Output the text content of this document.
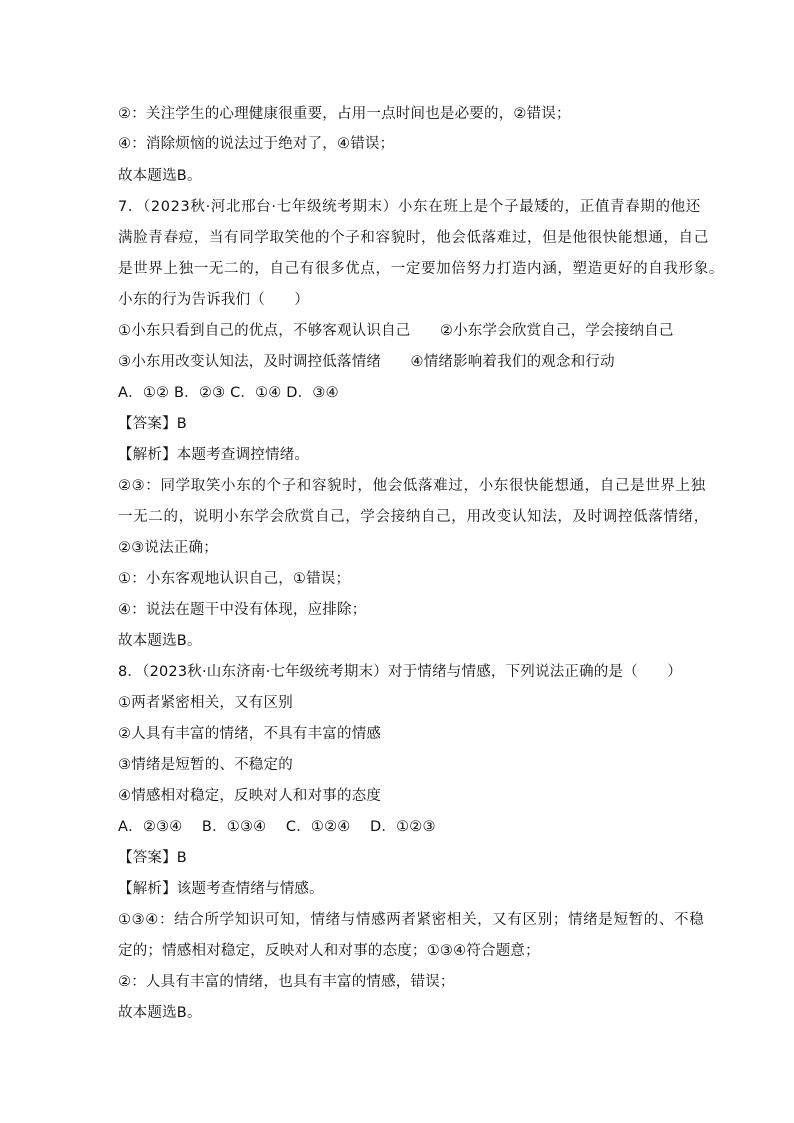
②：关注学生的心理健康很重要，占用一点时间也是必要的，②错误；
④：消除烦恼的说法过于绝对了，④错误；
故本题选B。
7．（2023秋·河北邢台·七年级统考期末）小东在班上是个子最矮的，正值青春期的他还
满脸青春痘，当有同学取笑他的个子和容貌时，他会低落难过，但是他很快能想通，自己
是世界上独一无二的，自己有很多优点，一定要加倍努力打造内涵，塑造更好的自我形象。
小东的行为告诉我们（　　）
①小东只看到自己的优点，不够客观认识自己　　②小东学会欣赏自己，学会接纳自己
③小东用改变认知法，及时调控低落情绪　　④情绪影响着我们的观念和行动
A．①② B．②③ C．①④ D．③④
【答案】B
【解析】本题考查调控情绪。
②③：同学取笑小东的个子和容貌时，他会低落难过，小东很快能想通，自己是世界上独
一无二的，说明小东学会欣赏自己，学会接纳自己，用改变认知法，及时调控低落情绪，
②③说法正确；
①：小东客观地认识自己，①错误；
④：说法在题干中没有体现，应排除；
故本题选B。
8．（2023秋·山东济南·七年级统考期末）对于情绪与情感，下列说法正确的是（　　）
①两者紧密相关，又有区别
②人具有丰富的情绪，不具有丰富的情感
③情绪是短暂的、不稳定的
④情感相对稳定，反映对人和对事的态度
A．②③④　 B．①③④　 C．①②④　 D．①②③
【答案】B
【解析】该题考查情绪与情感。
①③④：结合所学知识可知，情绪与情感两者紧密相关，又有区别；情绪是短暂的、不稳
定的；情感相对稳定，反映对人和对事的态度；①③④符合题意；
②：人具有丰富的情绪，也具有丰富的情感，错误；
故本题选B。
